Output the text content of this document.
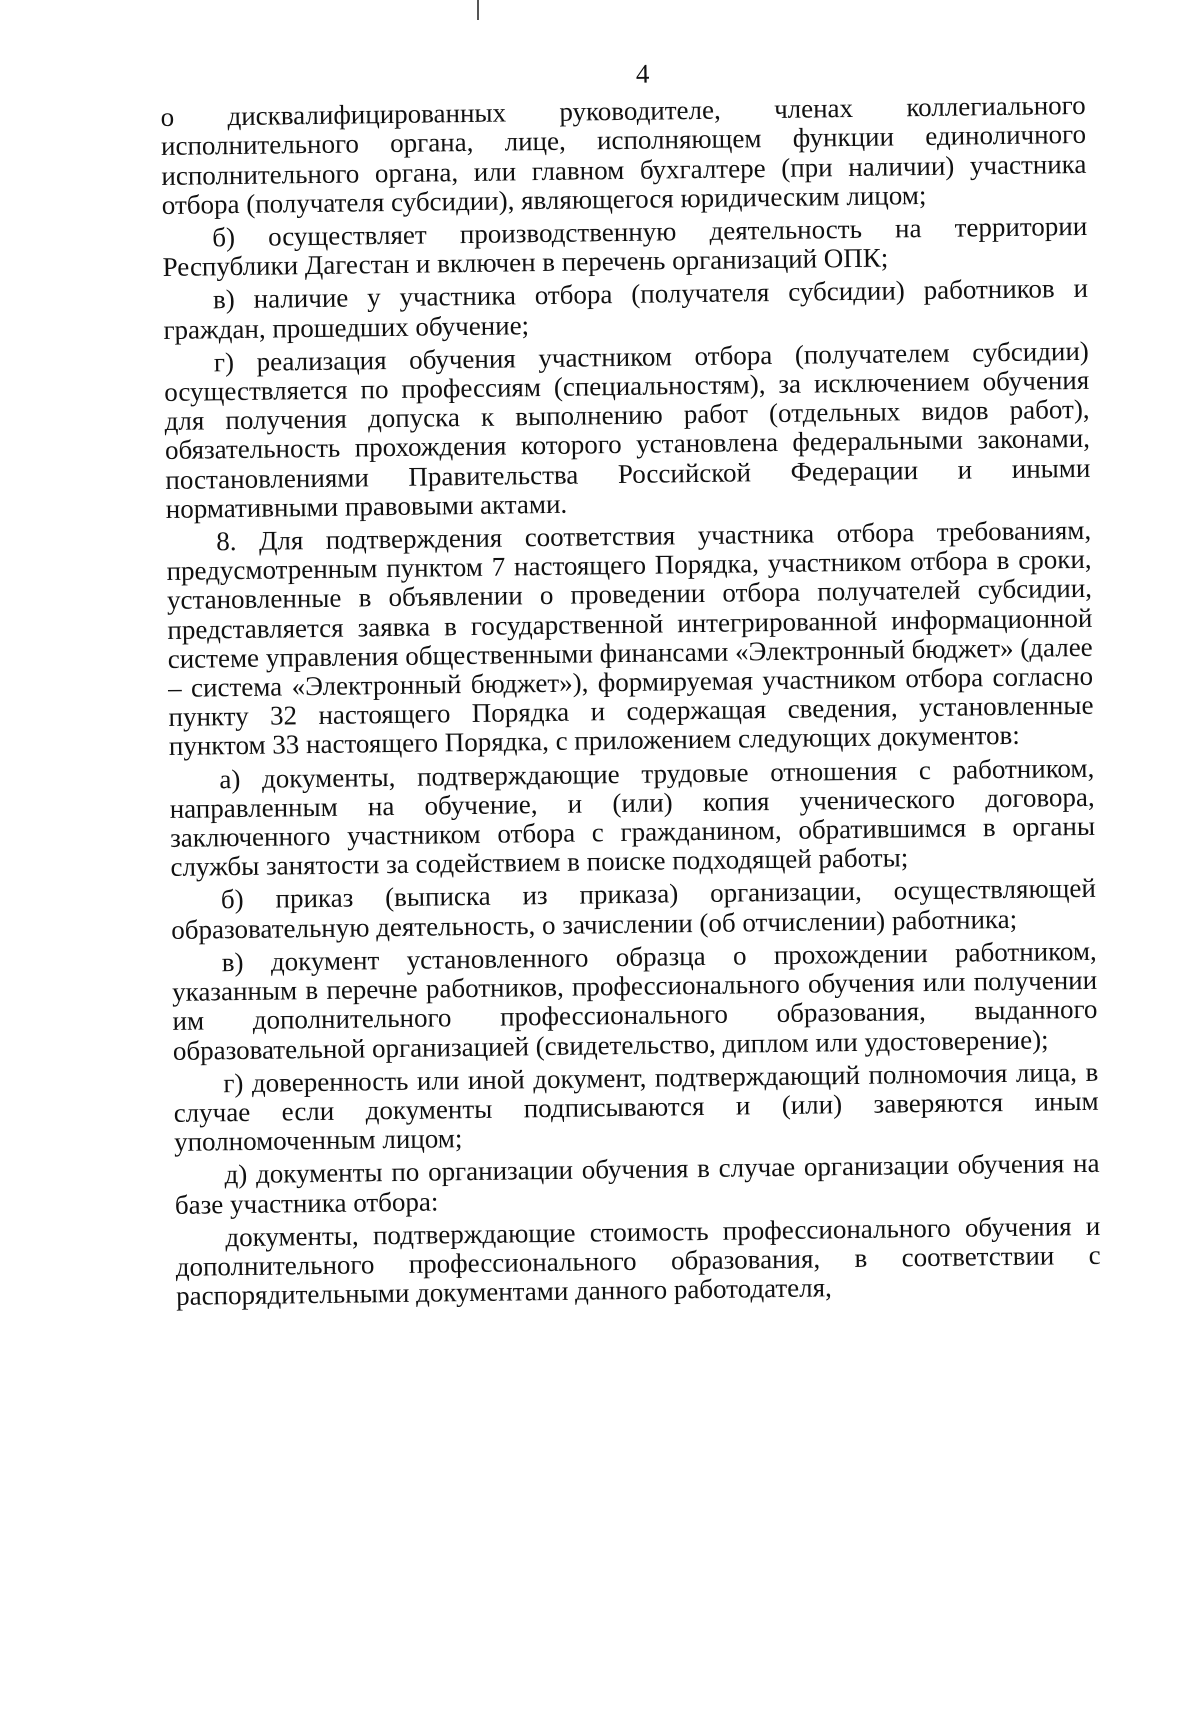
4

о дисквалифицированных руководителе, членах коллегиального исполнительного органа, лице, исполняющем функции единоличного исполнительного органа, или главном бухгалтере (при наличии) участника отбора (получателя субсидии), являющегося юридическим лицом;

б) осуществляет производственную деятельность на территории Республики Дагестан и включен в перечень организаций ОПК;

в) наличие у участника отбора (получателя субсидии) работников и граждан, прошедших обучение;

г) реализация обучения участником отбора (получателем субсидии) осуществляется по профессиям (специальностям), за исключением обучения для получения допуска к выполнению работ (отдельных видов работ), обязательность прохождения которого установлена федеральными законами, постановлениями Правительства Российской Федерации и иными нормативными правовыми актами.

8. Для подтверждения соответствия участника отбора требованиям, предусмотренным пунктом 7 настоящего Порядка, участником отбора в сроки, установленные в объявлении о проведении отбора получателей субсидии, представляется заявка в государственной интегрированной информационной системе управления общественными финансами «Электронный бюджет» (далее – система «Электронный бюджет»), формируемая участником отбора согласно пункту 32 настоящего Порядка и содержащая сведения, установленные пунктом 33 настоящего Порядка, с приложением следующих документов:

а) документы, подтверждающие трудовые отношения с работником, направленным на обучение, и (или) копия ученического договора, заключенного участником отбора с гражданином, обратившимся в органы службы занятости за содействием в поиске подходящей работы;

б) приказ (выписка из приказа) организации, осуществляющей образовательную деятельность, о зачислении (об отчислении) работника;

в) документ установленного образца о прохождении работником, указанным в перечне работников, профессионального обучения или получении им дополнительного профессионального образования, выданного образовательной организацией (свидетельство, диплом или удостоверение);

г) доверенность или иной документ, подтверждающий полномочия лица, в случае если документы подписываются и (или) заверяются иным уполномоченным лицом;

д) документы по организации обучения в случае организации обучения на базе участника отбора:

документы, подтверждающие стоимость профессионального обучения и дополнительного профессионального образования, в соответствии с распорядительными документами данного работодателя,
